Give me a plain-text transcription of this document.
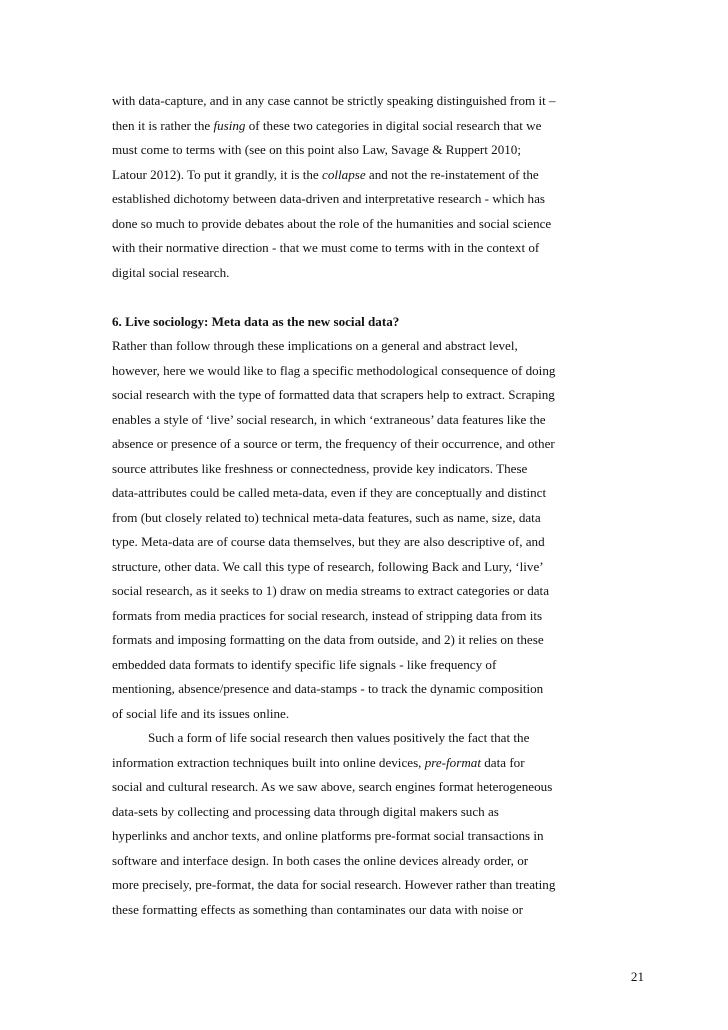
with data-capture, and in any case cannot be strictly speaking distinguished from it –
then it is rather the fusing of these two categories in digital social research that we
must come to terms with (see on this point also Law, Savage & Ruppert 2010;
Latour 2012). To put it grandly, it is the collapse and not the re-instatement of the
established dichotomy between data-driven and interpretative research - which has
done so much to provide debates about the role of the humanities and social science
with their normative direction - that we must come to terms with in the context of
digital social research.
6. Live sociology: Meta data as the new social data?
Rather than follow through these implications on a general and abstract level,
however, here we would like to flag a specific methodological consequence of doing
social research with the type of formatted data that scrapers help to extract. Scraping
enables a style of ‘live’ social research, in which ‘extraneous’ data features like the
absence or presence of a source or term, the frequency of their occurrence, and other
source attributes like freshness or connectedness, provide key indicators. These
data-attributes could be called meta-data, even if they are conceptually and distinct
from (but closely related to) technical meta-data features, such as name, size, data
type. Meta-data are of course data themselves, but they are also descriptive of, and
structure, other data. We call this type of research, following Back and Lury, ‘live’
social research, as it seeks to 1) draw on media streams to extract categories or data
formats from media practices for social research, instead of stripping data from its
formats and imposing formatting on the data from outside, and 2) it relies on these
embedded data formats to identify specific life signals - like frequency of
mentioning, absence/presence and data-stamps - to track the dynamic composition
of social life and its issues online.
Such a form of life social research then values positively the fact that the
information extraction techniques built into online devices, pre-format data for
social and cultural research. As we saw above, search engines format heterogeneous
data-sets by collecting and processing data through digital makers such as
hyperlinks and anchor texts, and online platforms pre-format social transactions in
software and interface design. In both cases the online devices already order, or
more precisely, pre-format, the data for social research. However rather than treating
these formatting effects as something than contaminates our data with noise or
21
